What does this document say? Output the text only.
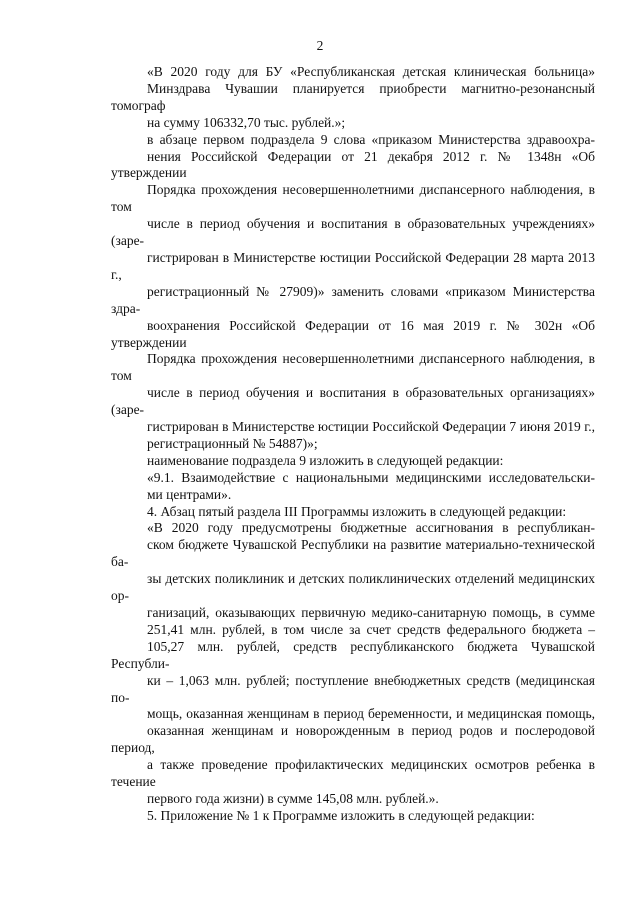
2

«В 2020 году для БУ «Республиканская детская клиническая больница»
Минздрава Чувашии планируется приобрести магнитно-резонансный томограф
на сумму 106332,70 тыс. рублей.»;

в абзаце первом подраздела 9 слова «приказом Министерства здравоохра-
нения Российской Федерации от 21 декабря 2012 г. № 1348н «Об утверждении
Порядка прохождения несовершеннолетними диспансерного наблюдения, в том
числе в период обучения и воспитания в образовательных учреждениях» (заре-
гистрирован в Министерстве юстиции Российской Федерации 28 марта 2013 г.,
регистрационный № 27909)» заменить словами «приказом Министерства здра-
воохранения Российской Федерации от 16 мая 2019 г. № 302н «Об утверждении
Порядка прохождения несовершеннолетними диспансерного наблюдения, в том
числе в период обучения и воспитания в образовательных организациях» (заре-
гистрирован в Министерстве юстиции Российской Федерации 7 июня 2019 г.,
регистрационный № 54887)»;

наименование подраздела 9 изложить в следующей редакции:

«9.1. Взаимодействие с национальными медицинскими исследовательски-
ми центрами».

4. Абзац пятый раздела III Программы изложить в следующей редакции:

«В 2020 году предусмотрены бюджетные ассигнования в республикан-
ском бюджете Чувашской Республики на развитие материально-технической ба-
зы детских поликлиник и детских поликлинических отделений медицинских ор-
ганизаций, оказывающих первичную медико-санитарную помощь, в сумме
251,41 млн. рублей, в том числе за счет средств федерального бюджета –
105,27 млн. рублей, средств республиканского бюджета Чувашской Республи-
ки – 1,063 млн. рублей; поступление внебюджетных средств (медицинская по-
мощь, оказанная женщинам в период беременности, и медицинская помощь,
оказанная женщинам и новорожденным в период родов и послеродовой период,
а также проведение профилактических медицинских осмотров ребенка в течение
первого года жизни) в сумме 145,08 млн. рублей.».

5. Приложение № 1 к Программе изложить в следующей редакции:
